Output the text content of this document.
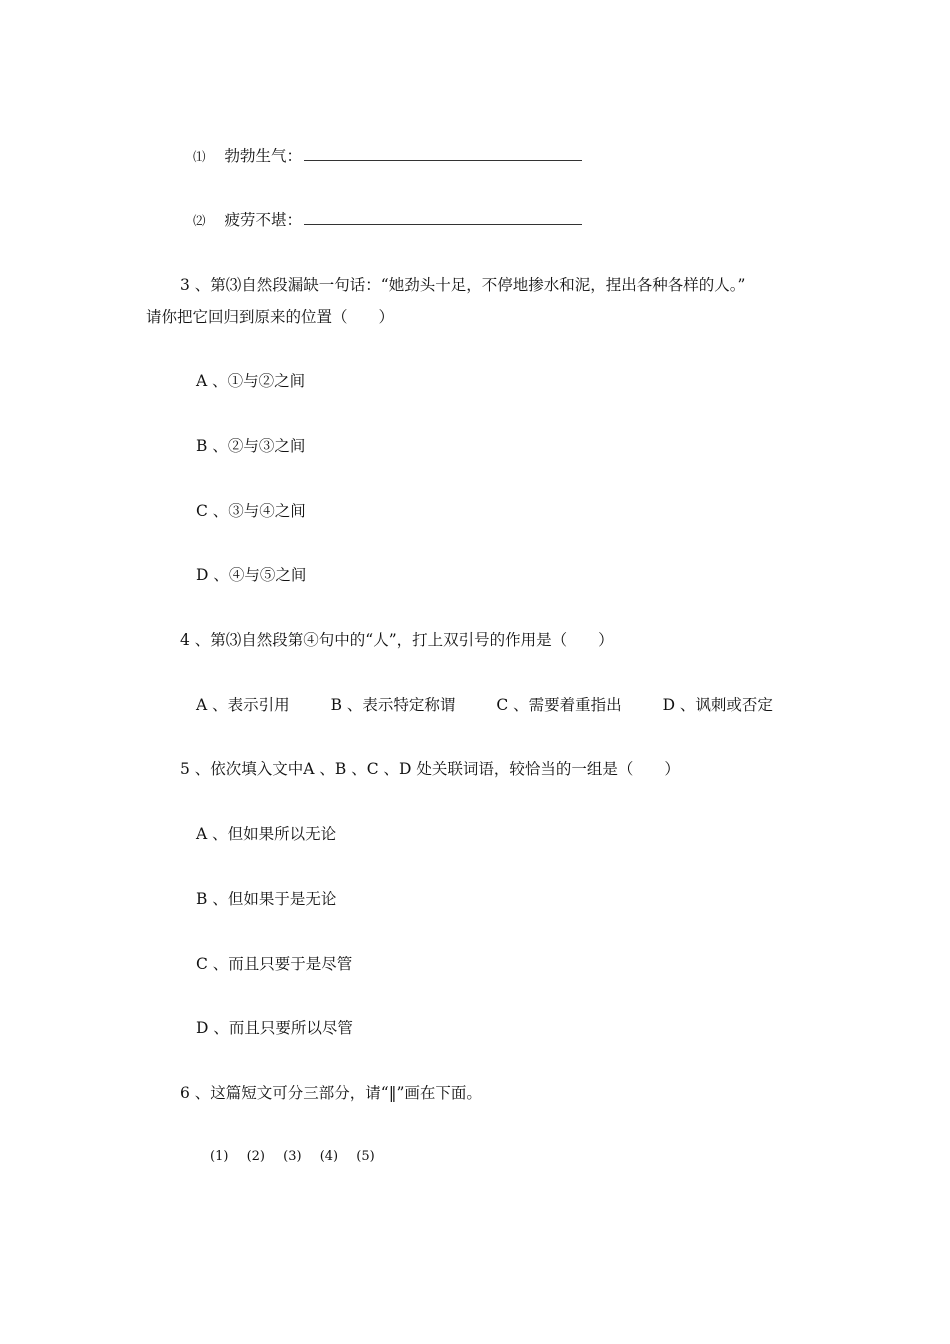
⑴ 勃勃生气：
⑵ 疲劳不堪：
3 、第⑶自然段漏缺一句话：“她劲头十足，不停地掺水和泥，捏出各种各样的人。”
请你把它回归到原来的位置（　　）
A 、①与②之间
B 、②与③之间
C 、③与④之间
D 、④与⑤之间
4 、第⑶自然段第④句中的“人”，打上双引号的作用是（　　）
A 、表示引用	B 、表示特定称谓	C 、需要着重指出	D 、讽刺或否定
5 、依次填入文中A 、B 、C 、D 处关联词语，较恰当的一组是（　　）
A 、但如果所以无论
B 、但如果于是无论
C 、而且只要于是尽管
D 、而且只要所以尽管
6 、这篇短文可分三部分，请“‖”画在下面。
(1) (2) (3) (4) (5)
